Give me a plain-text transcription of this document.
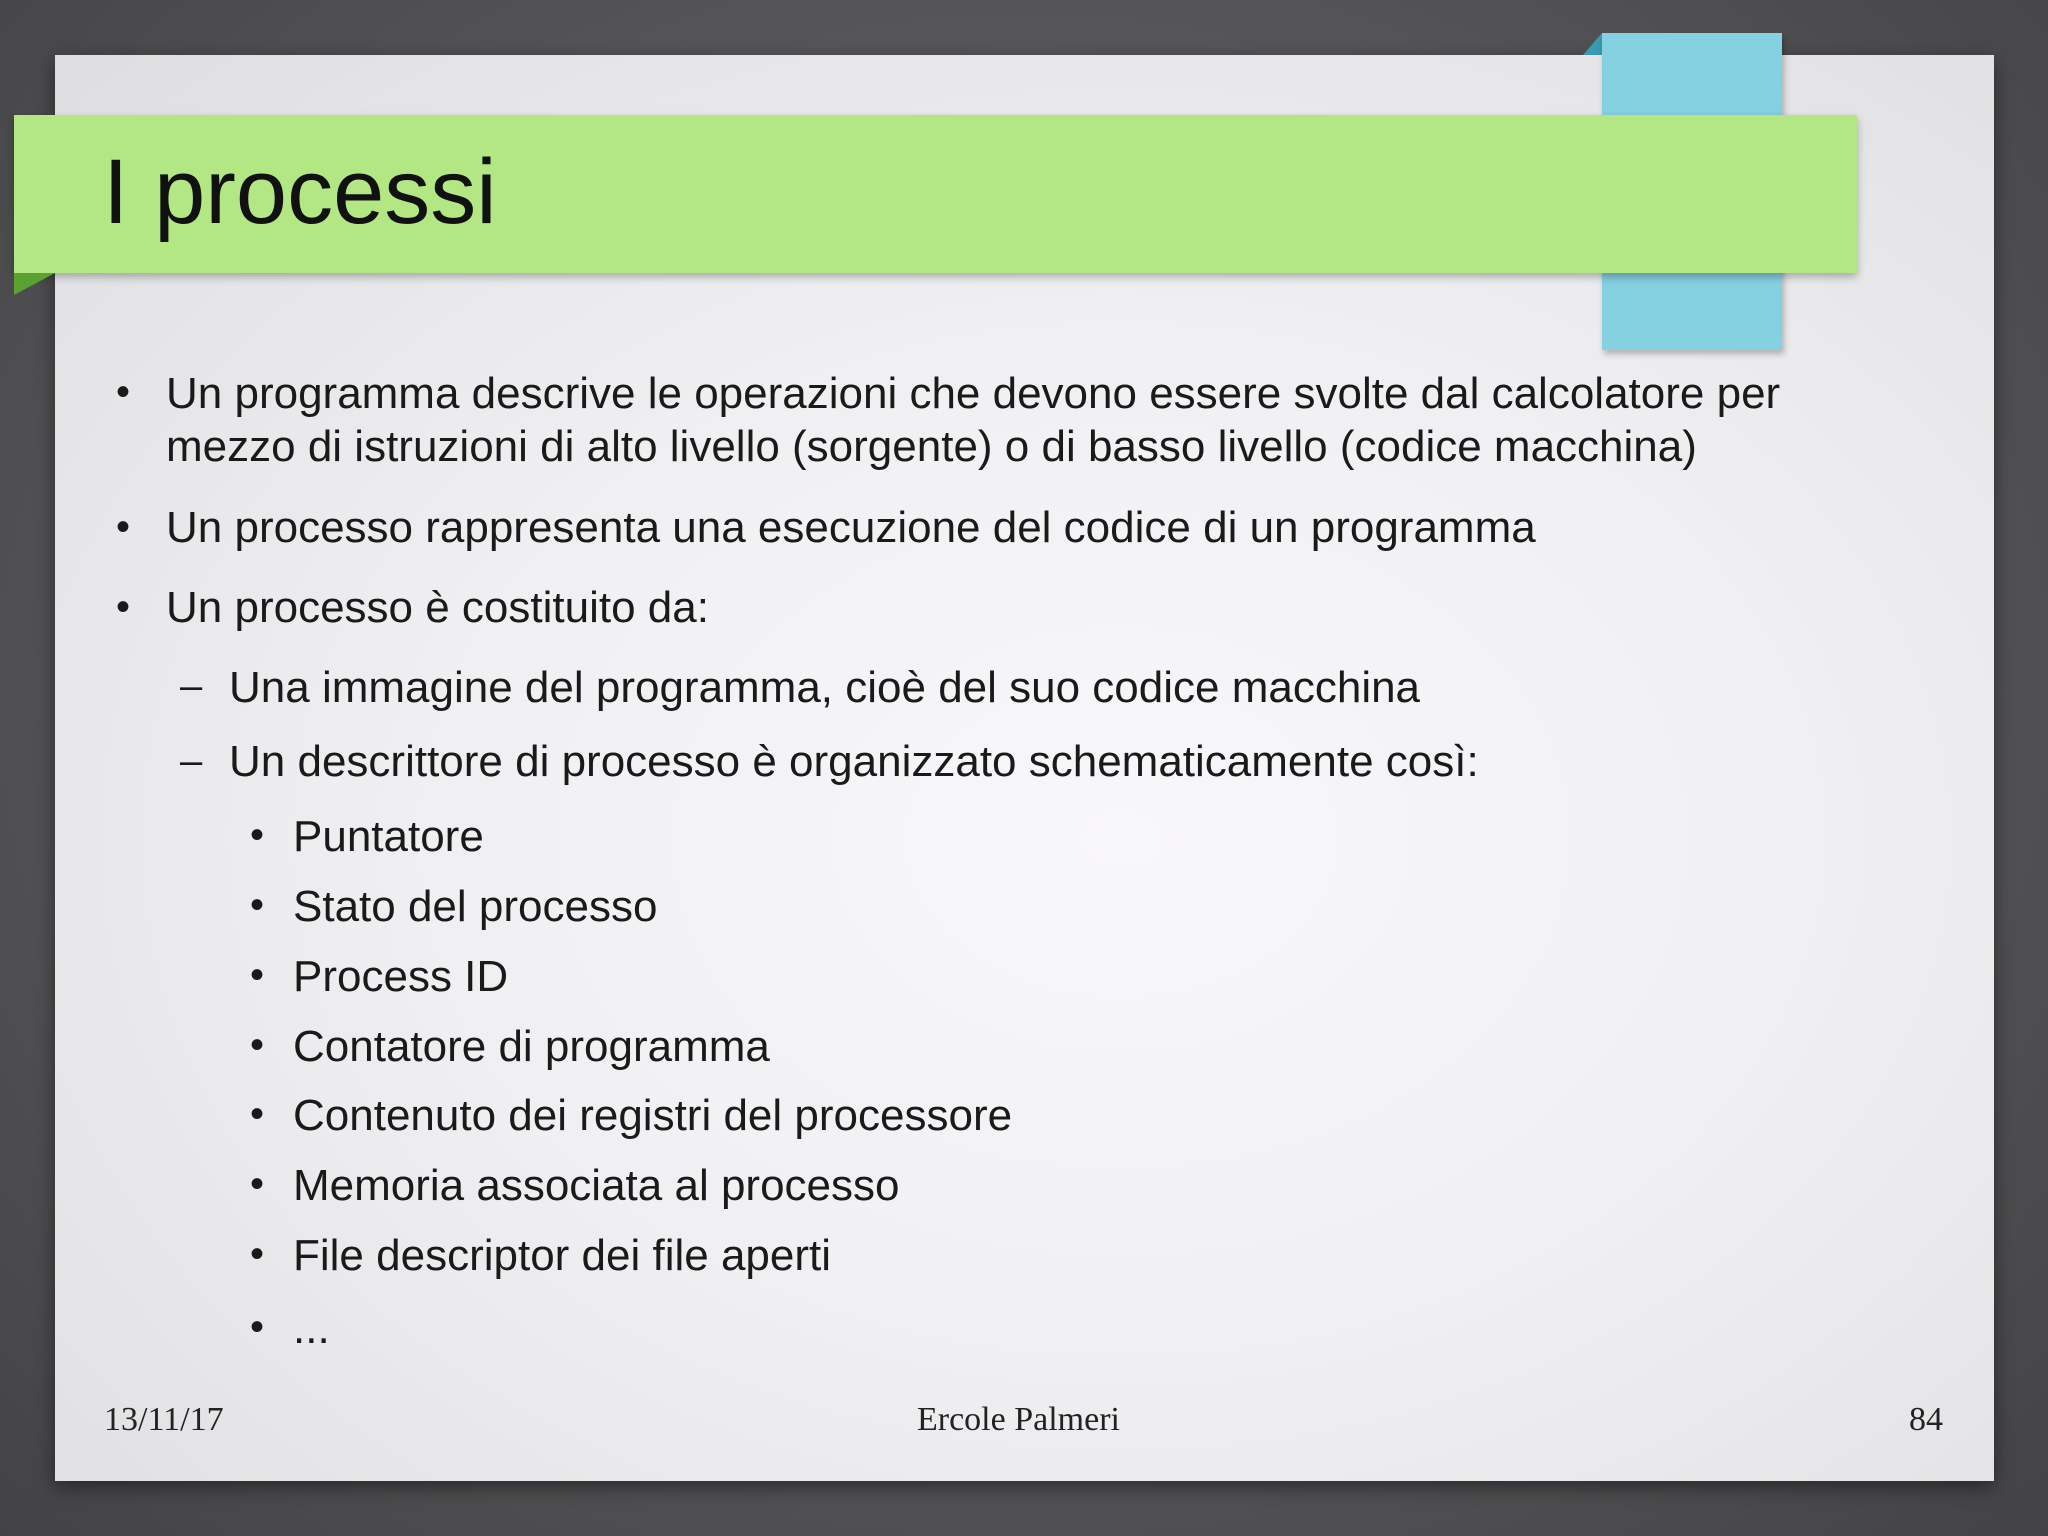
I processi
• Un programma descrive le operazioni che devono essere svolte dal calcolatore per
mezzo di istruzioni di alto livello (sorgente) o di basso livello (codice macchina)
• Un processo rappresenta una esecuzione del codice di un programma
• Un processo è costituito da:
– Una immagine del programma, cioè del suo codice macchina
– Un descrittore di processo è organizzato schematicamente così:
• Puntatore
• Stato del processo
• Process ID
• Contatore di programma
• Contenuto dei registri del processore
• Memoria associata al processo
• File descriptor dei file aperti
• ...
13/11/17	Ercole Palmeri	84
